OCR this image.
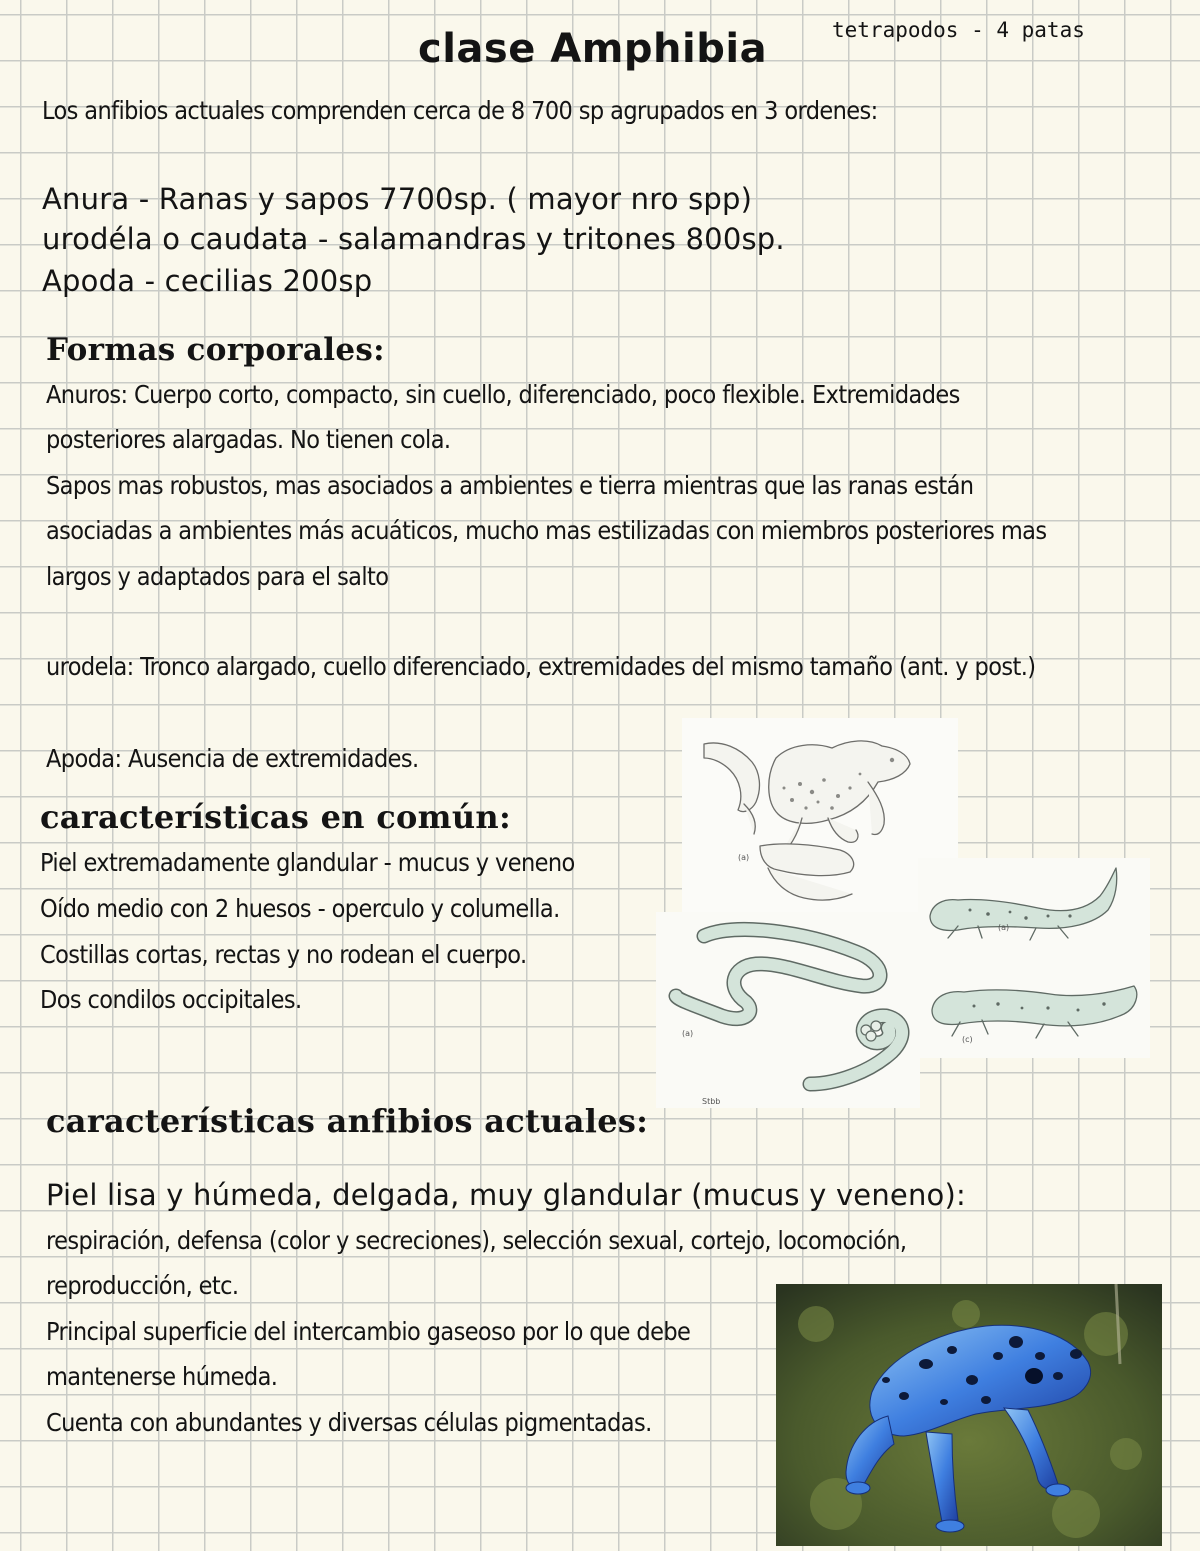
clase Amphibia	tetrapodos - 4 patas
Los anfibios actuales comprenden cerca de 8 700 sp agrupados en 3 ordenes:
Anura - Ranas y sapos 7700sp. ( mayor nro spp)
urodéla o caudata - salamandras y tritones 800sp.
Apoda - cecilias 200sp
Formas corporales:
Anuros: Cuerpo corto, compacto, sin cuello, diferenciado, poco flexible. Extremidades
posteriores alargadas. No tienen cola.
Sapos mas robustos, mas asociados a ambientes e tierra mientras que las ranas están
asociadas a ambientes más acuáticos, mucho mas estilizadas con miembros posteriores mas
largos y adaptados para el salto
urodela: Tronco alargado, cuello diferenciado, extremidades del mismo tamaño (ant. y post.)
Apoda: Ausencia de extremidades.
características en común:
Piel extremadamente glandular - mucus y veneno
Oído medio con 2 huesos - operculo y columella.
Costillas cortas, rectas y no rodean el cuerpo.
Dos condilos occipitales.
características anfibios actuales:
Piel lisa y húmeda, delgada, muy glandular (mucus y veneno):
respiración, defensa (color y secreciones), selección sexual, cortejo, locomoción,
reproducción, etc.
Principal superficie del intercambio gaseoso por lo que debe
mantenerse húmeda.
Cuenta con abundantes y diversas células pigmentadas.
(a)
(a)
(c)
(a)
Stbb
